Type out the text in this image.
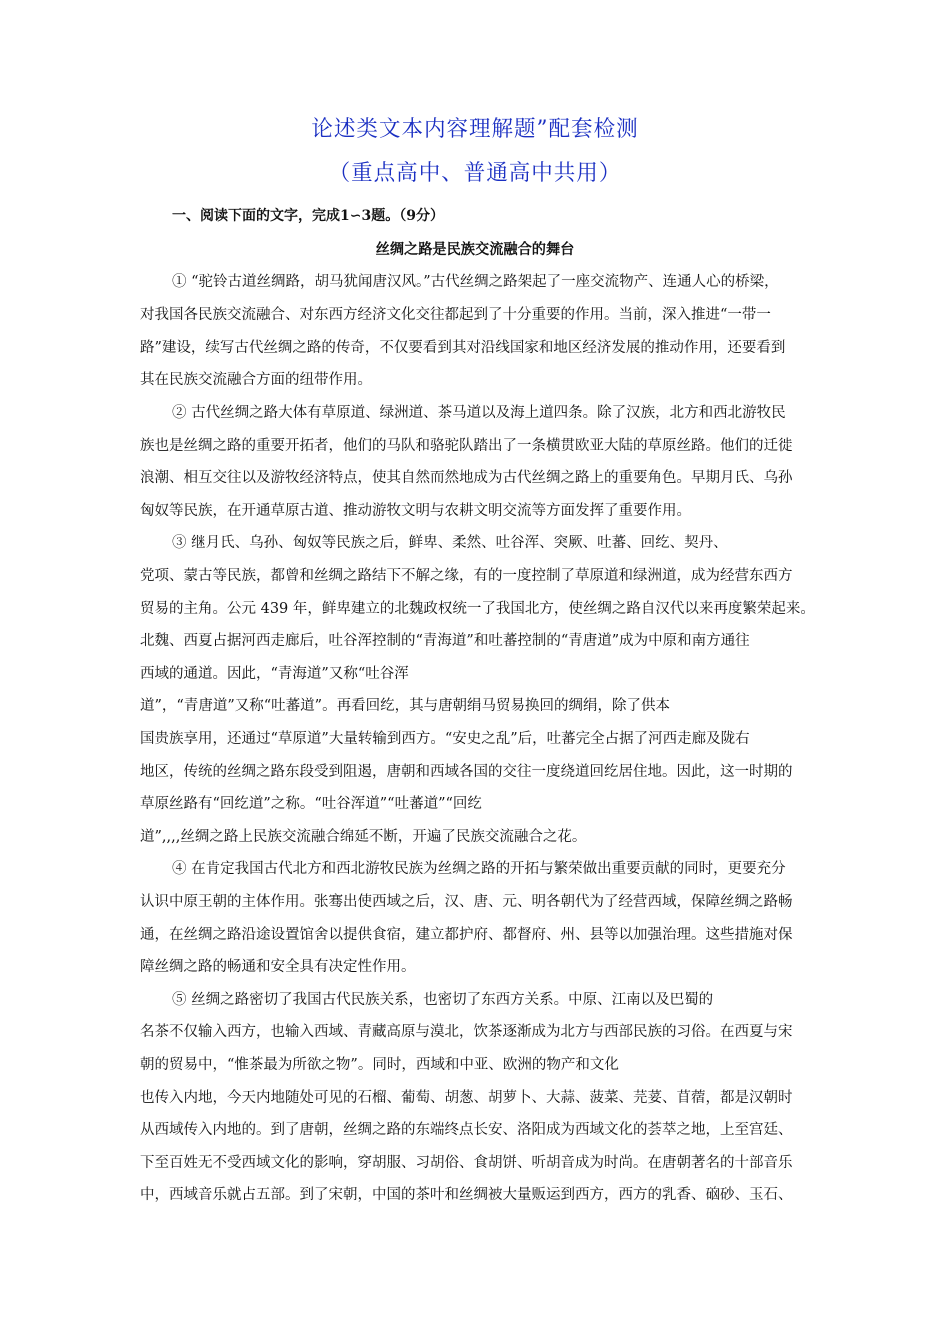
论述类文本内容理解题”配套检测
（重点高中、普通高中共用）
一、阅读下面的文字，完成1∽3题。（9分）
丝绸之路是民族交流融合的舞台
① “驼铃古道丝绸路，胡马犹闻唐汉风。”古代丝绸之路架起了一座交流物产、连通人心的桥梁，
对我国各民族交流融合、对东西方经济文化交往都起到了十分重要的作用。当前，深入推进“一带一
路”建设，续写古代丝绸之路的传奇，不仅要看到其对沿线国家和地区经济发展的推动作用，还要看到
其在民族交流融合方面的纽带作用。
② 古代丝绸之路大体有草原道、绿洲道、茶马道以及海上道四条。除了汉族，北方和西北游牧民
族也是丝绸之路的重要开拓者，他们的马队和骆驼队踏出了一条横贯欧亚大陆的草原丝路。他们的迁徙
浪潮、相互交往以及游牧经济特点，使其自然而然地成为古代丝绸之路上的重要角色。早期月氏、乌孙
匈奴等民族，在开通草原古道、推动游牧文明与农耕文明交流等方面发挥了重要作用。
③ 继月氏、乌孙、匈奴等民族之后，鲜卑、柔然、吐谷浑、突厥、吐蕃、回纥、契丹、
党项、蒙古等民族，都曾和丝绸之路结下不解之缘，有的一度控制了草原道和绿洲道，成为经营东西方
贸易的主角。公元 439 年，鲜卑建立的北魏政权统一了我国北方，使丝绸之路自汉代以来再度繁荣起来。
北魏、西夏占据河西走廊后，吐谷浑控制的“青海道”和吐蕃控制的“青唐道”成为中原和南方通往
西域的通道。因此，“青海道”又称“吐谷浑
道”，“青唐道”又称“吐蕃道”。再看回纥，其与唐朝绢马贸易换回的绸绢，除了供本
国贵族享用，还通过“草原道”大量转输到西方。“安史之乱”后，吐蕃完全占据了河西走廊及陇右
地区，传统的丝绸之路东段受到阻遏，唐朝和西域各国的交往一度绕道回纥居住地。因此，这一时期的
草原丝路有“回纥道”之称。“吐谷浑道”“吐蕃道”“回纥
道”,,,,丝绸之路上民族交流融合绵延不断，开遍了民族交流融合之花。
④ 在肯定我国古代北方和西北游牧民族为丝绸之路的开拓与繁荣做出重要贡献的同时，更要充分
认识中原王朝的主体作用。张骞出使西域之后，汉、唐、元、明各朝代为了经营西域，保障丝绸之路畅
通，在丝绸之路沿途设置馆舍以提供食宿，建立都护府、都督府、州、县等以加强治理。这些措施对保
障丝绸之路的畅通和安全具有决定性作用。
⑤ 丝绸之路密切了我国古代民族关系，也密切了东西方关系。中原、江南以及巴蜀的
名茶不仅输入西方，也输入西域、青藏高原与漠北，饮茶逐渐成为北方与西部民族的习俗。在西夏与宋
朝的贸易中，“惟茶最为所欲之物”。同时，西域和中亚、欧洲的物产和文化
也传入内地，今天内地随处可见的石榴、葡萄、胡葱、胡萝卜、大蒜、菠菜、芫荽、苜蓿，都是汉朝时
从西域传入内地的。到了唐朝，丝绸之路的东端终点长安、洛阳成为西域文化的荟萃之地，上至宫廷、
下至百姓无不受西域文化的影响，穿胡服、习胡俗、食胡饼、听胡音成为时尚。在唐朝著名的十部音乐
中，西域音乐就占五部。到了宋朝，中国的茶叶和丝绸被大量贩运到西方，西方的乳香、硇砂、玉石、
